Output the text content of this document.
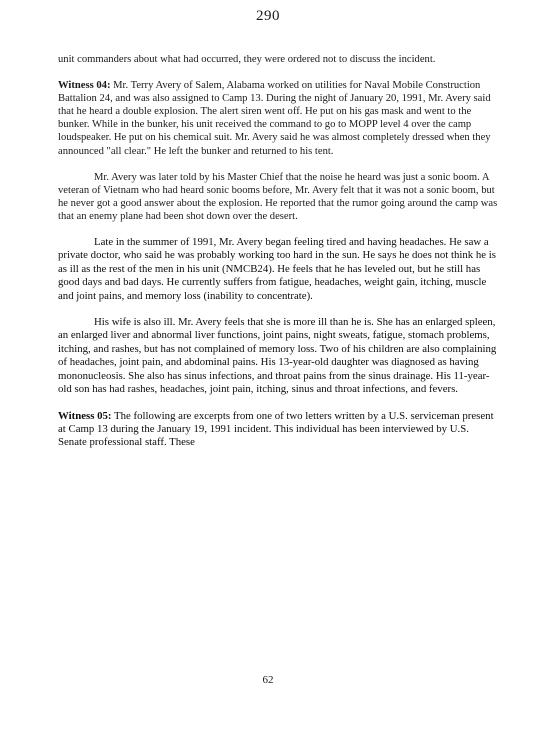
290

unit commanders about what had occurred, they were ordered not to discuss the incident.

Witness 04: Mr. Terry Avery of Salem, Alabama worked on utilities for Naval Mobile Construction Battalion 24, and was also assigned to Camp 13. During the night of January 20, 1991, Mr. Avery said that he heard a double explosion. The alert siren went off. He put on his gas mask and went to the bunker. While in the bunker, his unit received the command to go to MOPP level 4 over the camp loudspeaker. He put on his chemical suit. Mr. Avery said he was almost completely dressed when they announced "all clear." He left the bunker and returned to his tent.

Mr. Avery was later told by his Master Chief that the noise he heard was just a sonic boom. A veteran of Vietnam who had heard sonic booms before, Mr. Avery felt that it was not a sonic boom, but he never got a good answer about the explosion. He reported that the rumor going around the camp was that an enemy plane had been shot down over the desert.

Late in the summer of 1991, Mr. Avery began feeling tired and having headaches. He saw a private doctor, who said he was probably working too hard in the sun. He says he does not think he is as ill as the rest of the men in his unit (NMCB24). He feels that he has leveled out, but he still has good days and bad days. He currently suffers from fatigue, headaches, weight gain, itching, muscle and joint pains, and memory loss (inability to concentrate).

His wife is also ill. Mr. Avery feels that she is more ill than he is. She has an enlarged spleen, an enlarged liver and abnormal liver functions, joint pains, night sweats, fatigue, stomach problems, itching, and rashes, but has not complained of memory loss. Two of his children are also complaining of headaches, joint pain, and abdominal pains. His 13-year-old daughter was diagnosed as having mononucleosis. She also has sinus infections, and throat pains from the sinus drainage. His 11-year-old son has had rashes, headaches, joint pain, itching, sinus and throat infections, and fevers.

Witness 05: The following are excerpts from one of two letters written by a U.S. serviceman present at Camp 13 during the January 19, 1991 incident. This individual has been interviewed by U.S. Senate professional staff. These

62
